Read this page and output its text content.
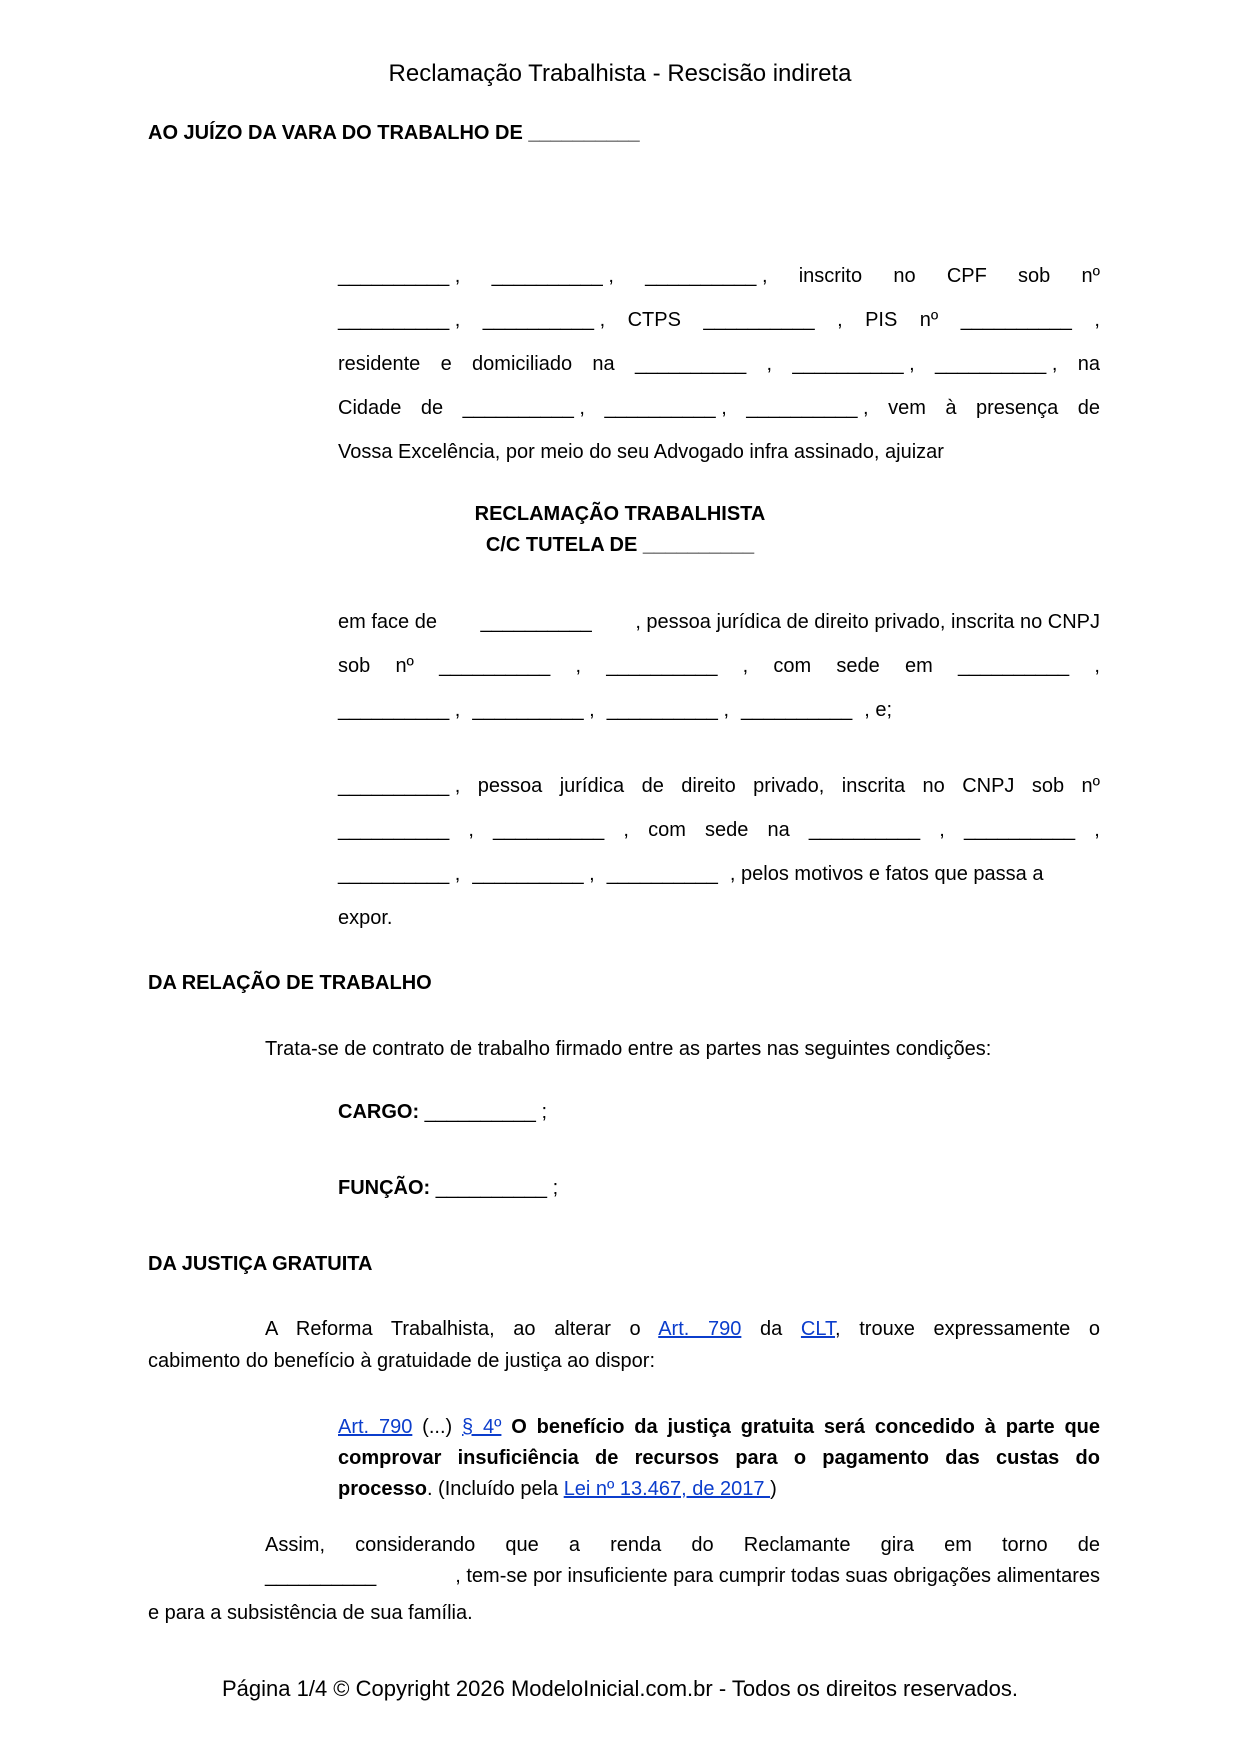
Reclamação Trabalhista - Rescisão indireta
AO JUÍZO DA VARA DO TRABALHO DE __________
__________ , __________ , __________ , inscrito no CPF sob nº
__________ , __________ , CTPS __________ , PIS nº __________ ,
residente e domiciliado na __________ , __________ , __________ , na
Cidade de __________ , __________ , __________ , vem à presença de
Vossa Excelência, por meio do seu Advogado infra assinado, ajuizar
RECLAMAÇÃO TRABALHISTA
C/C TUTELA DE __________
em face de __________ , pessoa jurídica de direito privado, inscrita no CNPJ
sob nº __________ , __________ , com sede em __________ ,
__________ , __________ , __________ , __________ , e;
__________ , pessoa jurídica de direito privado, inscrita no CNPJ sob nº
__________ , __________ , com sede na __________ , __________ ,
__________ , __________ , __________ , pelos motivos e fatos que passa a
expor.
DA RELAÇÃO DE TRABALHO
Trata-se de contrato de trabalho firmado entre as partes nas seguintes condições:
CARGO: __________ ;
FUNÇÃO: __________ ;
DA JUSTIÇA GRATUITA
A Reforma Trabalhista, ao alterar o Art. 790 da CLT, trouxe expressamente o
cabimento do benefício à gratuidade de justiça ao dispor:
Art. 790 (...) § 4º O benefício da justiça gratuita será concedido à parte que
comprovar insuficiência de recursos para o pagamento das custas do
processo. (Incluído pela Lei nº 13.467, de 2017 )
Assim, considerando que a renda do Reclamante gira em torno de
__________	, tem-se por insuficiente para cumprir todas suas obrigações alimentares
e para a subsistência de sua família.
Página 1/4 © Copyright 2026 ModeloInicial.com.br - Todos os direitos reservados.
